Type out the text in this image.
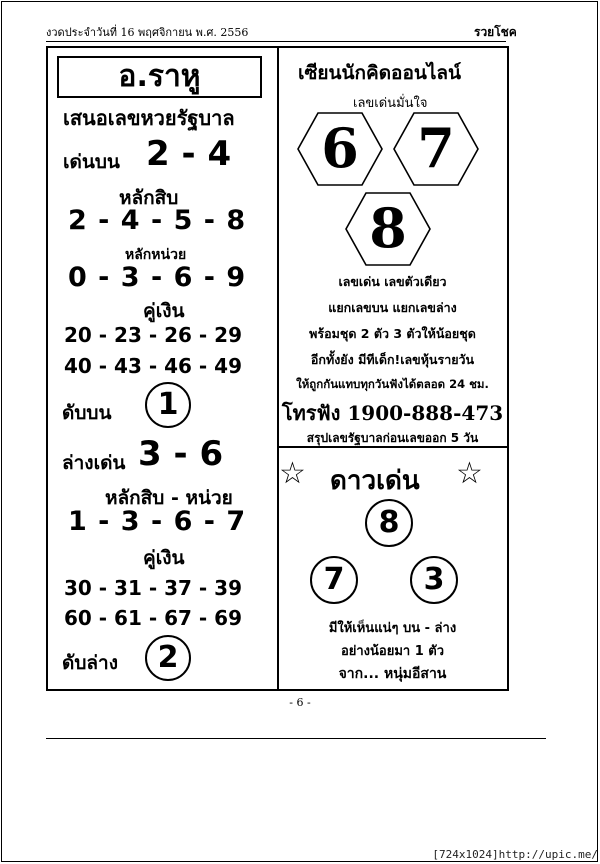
งวดประจำวันที่ 16 พฤศจิกายน พ.ศ. 2556	รวยโชค
อ.ราหู
เสนอเลขหวยรัฐบาล
เด่นบน 2 - 4
หลักสิบ
2 - 4 - 5 - 8
หลักหน่วย
0 - 3 - 6 - 9
คู่เงิน
20 - 23 - 26 - 29
40 - 43 - 46 - 49
ดับบน	1
ล่างเด่น 3 - 6
หลักสิบ - หน่วย
1 - 3 - 6 - 7
คู่เงิน
30 - 31 - 37 - 39
60 - 61 - 67 - 69
ดับล่าง	2
เซียนนักคิดออนไลน์
เลขเด่นมั่นใจ
6	7
8
เลขเด่น เลขตัวเดียว
แยกเลขบน แยกเลขล่าง
พร้อมชุด 2 ตัว 3 ตัวให้น้อยชุด
อีกทั้งยัง มีทีเด็ก!เลขหุ้นรายวัน
ให้ถูกกันแทบทุกวันฟังได้ตลอด 24 ชม.
โทรฟัง 1900-888-473
สรุปเลขรัฐบาลก่อนเลขออก 5 วัน
☆ ดาวเด่น ☆
8
7	3
มีให้เห็นแน่ๆ บน - ล่าง
อย่างน้อยมา 1 ตัว
จาก... หนุ่มอีสาน
- 6 -
[724x1024]http://upic.me/
